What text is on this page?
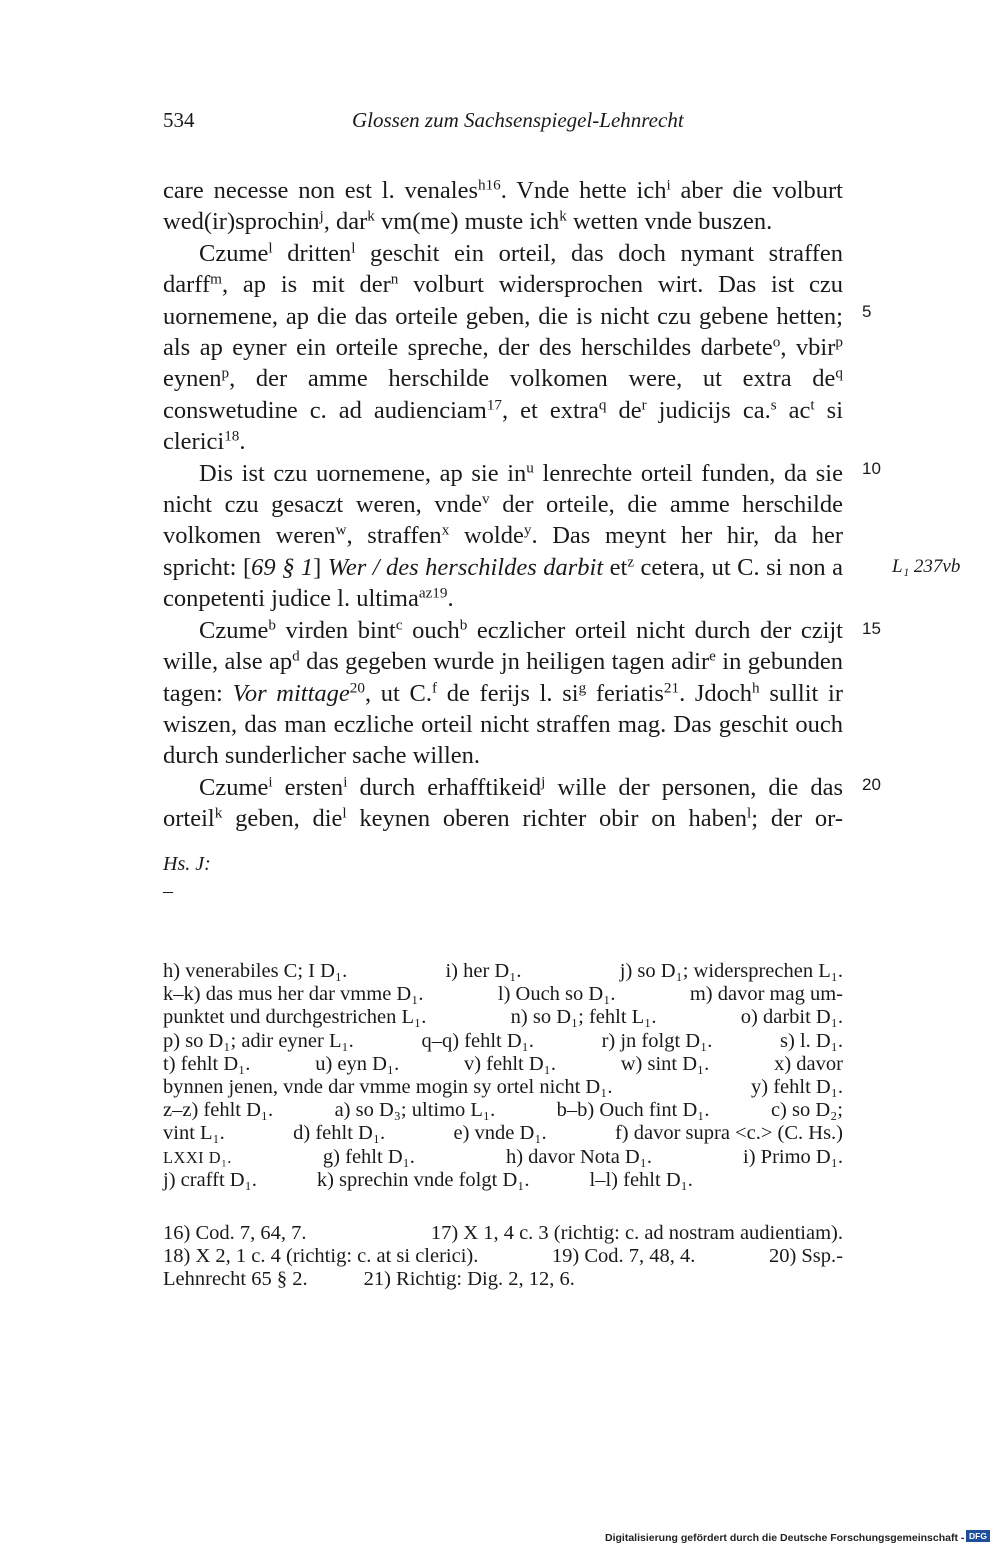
534	Glossen zum Sachsenspiegel-Lehnrecht

care necesse non est l. venales$^{h16}$. Vnde hette ich$^i$ aber die volburt wed(ir)sprochin$^j$, dar$^k$ vm(me) muste ich$^k$ wetten vnde buszen.

Czume$^l$ dritten$^l$ geschit ein orteil, das doch nymant straffen darff$^m$, ap is mit der$^n$ volburt widersprochen wirt. Das ist czu uornemene, ap die das orteile geben, die is nicht czu gebene hetten; als ap eyner ein orteile spreche, der des herschildes darbete$^o$, vbir$^p$ eynen$^p$, der amme herschilde volkomen were, ut extra $de^q$ conswetudine c. ad audienciam$^{17}$, et extra$^q$ $de^r$ judicijs ca.$^s$ $ac^t$ si clerici$^{18}$.

Dis ist czu uornemene, ap sie $in^u$ lenrechte orteil funden, da sie nicht czu gesaczt weren, vnde$^v$ der orteile, die amme herschilde volkomen weren$^w$, straffen$^x$ wolde$^y$. Das meynt her hir, da her spricht: [69 § 1] Wer / des herschildes darbit $et^z$ cetera, ut C. si non a conpetenti judice l. ultima$^{az19}$.

Czume$^b$ virden bint$^c$ ouch$^b$ eczlicher orteil nicht durch der czijt wille, alse $ap^d$ das gegeben wurde jn heiligen tagen adir$^e$ in gebunden tagen: Vor mittage$^{20}$, ut C.$^f$ de ferijs l. $si^g$ feriatis$^{21}$. Jdoch$^h$ sullit ir wiszen, das man eczliche orteil nicht straffen mag. Das geschit ouch durch sunderlicher sache willen.

Czume$^i$ ersten$^i$ durch erhafftikeid$^j$ wille der personen, die das orteil$^k$ geben, die$^l$ keynen oberen richter obir on haben$^l$; der or-

5
10
15
20
L₁ 237vb
Hs. J:
–
h) venerabiles C; I D₁.	i) her D₁.	j) so D₁; widersprechen L₁.
k–k) das mus her dar vmme D₁.	l) Ouch so D₁.	m) davor mag um-
punktet und durchgestrichen L₁.	n) so D₁; fehlt L₁.	o) darbit D₁.
p) so D₁; adir eyner L₁.	q–q) fehlt D₁.	r) jn folgt D₁.	s) l. D₁.
t) fehlt D₁.	u) eyn D₁.	v) fehlt D₁.	w) sint D₁.	x) davor
bynnen jenen, vnde dar vmme mogin sy ortel nicht D₁.	y) fehlt D₁.
z–z) fehlt D₁.	a) so D₃; ultimo L₁.	b–b) Ouch fint D₁.	c) so D₂;
vint L₁.	d) fehlt D₁.	e) vnde D₁.	f) davor supra <c.> (C. Hs.)
LXXI D₁.	g) fehlt D₁.	h) davor Nota D₁.	i) Primo D₁.
j) crafft D₁.	k) sprechin vnde folgt D₁.	l–l) fehlt D₁.
16) Cod. 7, 64, 7.	17) X 1, 4 c. 3 (richtig: c. ad nostram audientiam).
18) X 2, 1 c. 4 (richtig: c. at si clerici).	19) Cod. 7, 48, 4.	20) Ssp.-
Lehnrecht 65 § 2.	21) Richtig: Dig. 2, 12, 6.
Digitalisierung gefördert durch die Deutsche Forschungsgemeinschaft - DFG
